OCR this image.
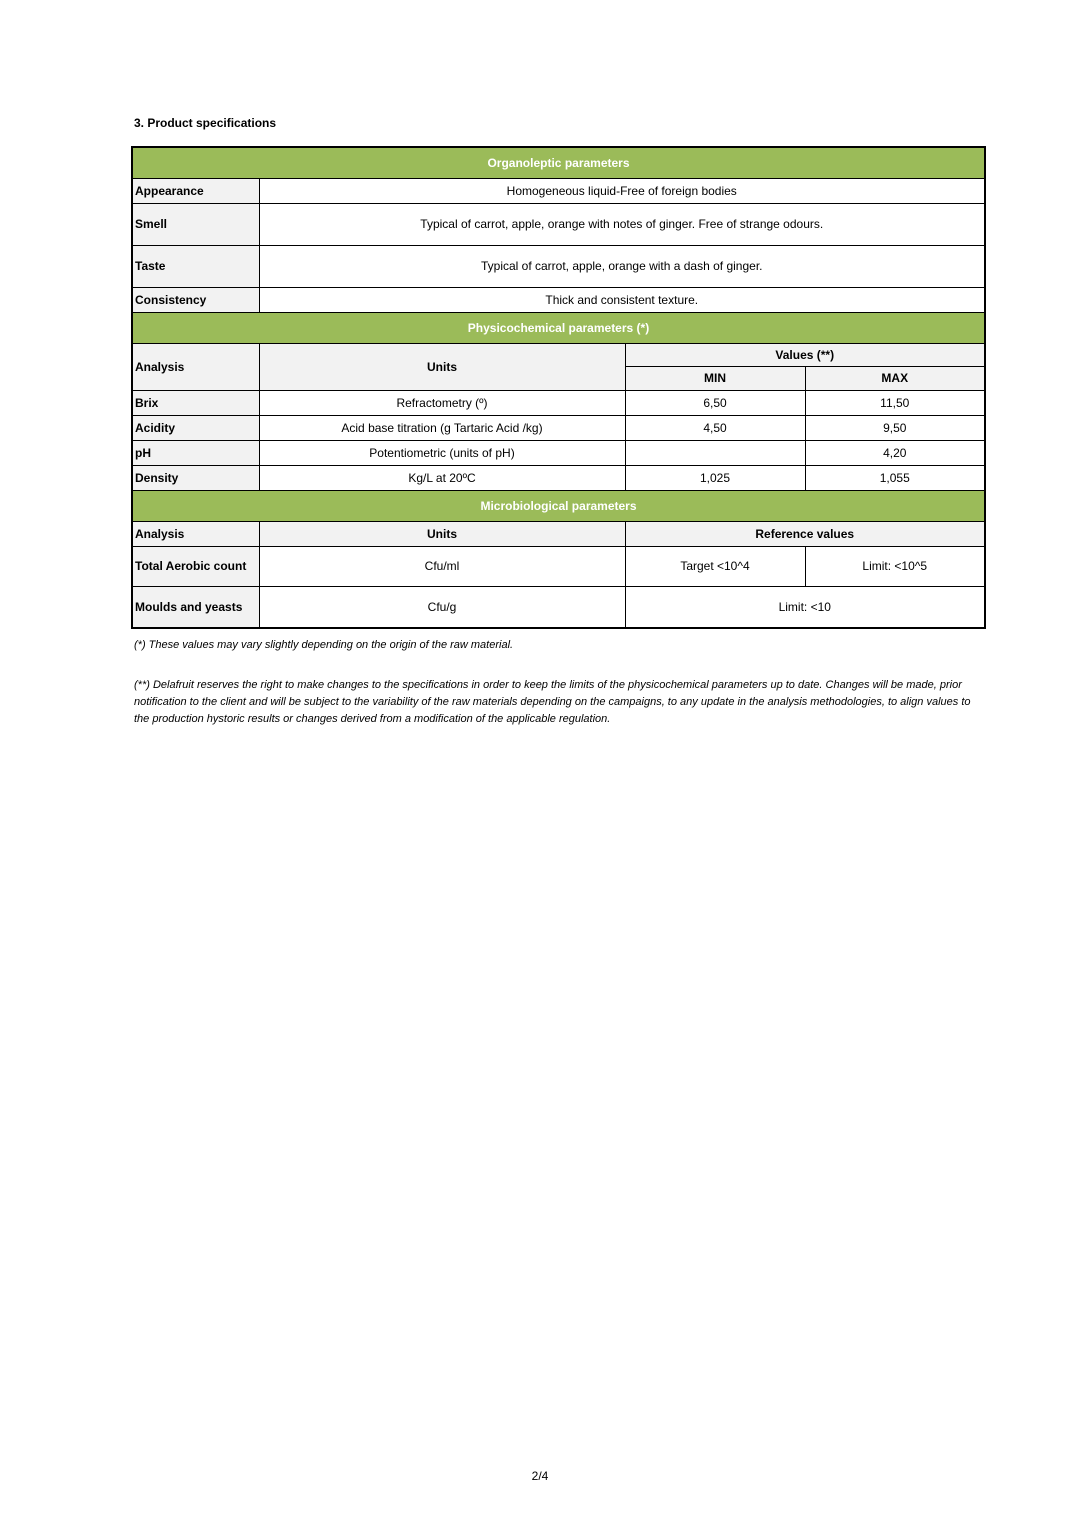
3. Product specifications
Organoleptic parameters			
Appearance	Homogeneous liquid-Free of foreign bodies		
Smell	Typical of carrot, apple, orange with notes of ginger. Free of strange odours.		
Taste	Typical of carrot, apple, orange with a dash of ginger.		
Consistency	Thick and consistent texture.		
Physicochemical parameters (*)			
Analysis	Units	Values (**)	
		MIN	MAX
Brix	Refractometry (º)	6,50	11,50
Acidity	Acid base titration (g Tartaric Acid /kg)	4,50	9,50
pH	Potentiometric (units of pH)		4,20
Density	Kg/L at 20ºC	1,025	1,055
Microbiological parameters			
Analysis	Units	Reference values	
Total Aerobic count	Cfu/ml	Target <10^4	Limit: <10^5
Moulds and yeasts	Cfu/g	Limit: <10	
(*) These values may vary slightly depending on the origin of the raw material.
(**) Delafruit reserves the right to make changes to the specifications in order to keep the limits of the physicochemical parameters up to date. Changes will be made, prior notification to the client and will be subject to the variability of the raw materials depending on the campaigns, to any update in the analysis methodologies, to align values to the production hystoric results or changes derived from a modification of the applicable regulation.
2/4
